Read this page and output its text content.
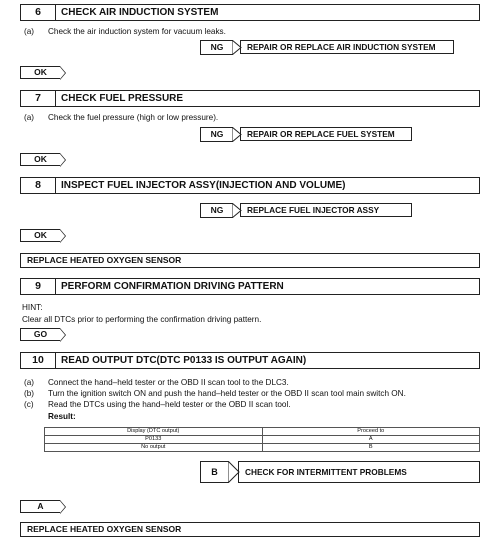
6	CHECK AIR INDUCTION SYSTEM
(a) Check the air induction system for vacuum leaks.
NG	REPAIR OR REPLACE AIR INDUCTION SYSTEM
OK
7	CHECK FUEL PRESSURE
(a) Check the fuel pressure (high or low pressure).
NG	REPAIR OR REPLACE FUEL SYSTEM
OK
8	INSPECT FUEL INJECTOR ASSY(INJECTION AND VOLUME)
NG	REPLACE FUEL INJECTOR ASSY
OK
REPLACE HEATED OXYGEN SENSOR
9	PERFORM CONFIRMATION DRIVING PATTERN
HINT:
Clear all DTCs prior to performing the confirmation driving pattern.
GO
10	READ OUTPUT DTC(DTC P0133 IS OUTPUT AGAIN)
(a) Connect the hand–held tester or the OBD II scan tool to the DLC3.
(b) Turn the ignition switch ON and push the hand–held tester or the OBD II scan tool main switch ON.
(c) Read the DTCs using the hand–held tester or the OBD II scan tool.
Result:
Display (DTC output)	Proceed to
P0133	A
No output	B
B	CHECK FOR INTERMITTENT PROBLEMS
A
REPLACE HEATED OXYGEN SENSOR
